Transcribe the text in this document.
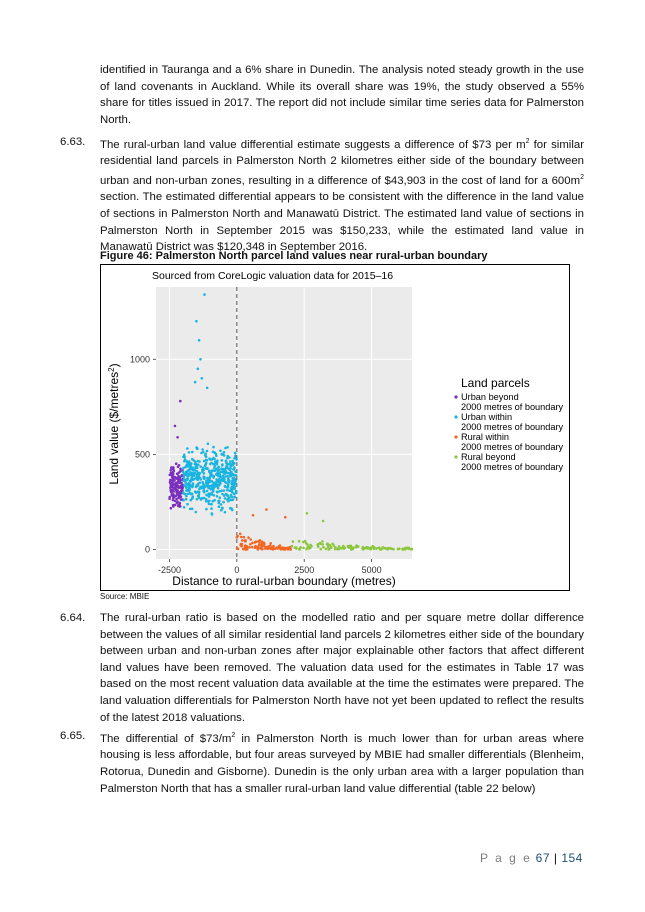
identified in Tauranga and a 6% share in Dunedin. The analysis noted steady growth in the use of land covenants in Auckland. While its overall share was 19%, the study observed a 55% share for titles issued in 2017. The report did not include similar time series data for Palmerston North.

6.63. The rural-urban land value differential estimate suggests a difference of $73 per $m^2$ for similar residential land parcels in Palmerston North 2 kilometres either side of the boundary between urban and non-urban zones, resulting in a difference of $43,903 in the cost of land for a $600m^2$ section. The estimated differential appears to be consistent with the difference in the land value of sections in Palmerston North and Manawatū District. The estimated land value of sections in Palmerston North in September 2015 was $150,233, while the estimated land value in Manawatū District was $120,348 in September 2016.

Figure 46: Palmerston North parcel land values near rural-urban boundary
-2500	0	2500	5000
0
500
1000
Sourced from CoreLogic valuation data for 2015–16
Distance to rural-urban boundary (metres)
Land value ($/metres$^2$)
Land parcels
Urban beyond
2000 metres of boundary
Urban within
2000 metres of boundary
Rural within
2000 metres of boundary
Rural beyond
2000 metres of boundary
Source: MBIE
6.64. The rural-urban ratio is based on the modelled ratio and per square metre dollar difference between the values of all similar residential land parcels 2 kilometres either side of the boundary between urban and non-urban zones after major explainable other factors that affect different land values have been removed. The valuation data used for the estimates in Table 17 was based on the most recent valuation data available at the time the estimates were prepared. The land valuation differentials for Palmerston North have not yet been updated to reflect the results of the latest 2018 valuations.

6.65. The differential of $\$73/m^2$ in Palmerston North is much lower than for urban areas where housing is less affordable, but four areas surveyed by MBIE had smaller differentials (Blenheim, Rotorua, Dunedin and Gisborne). Dunedin is the only urban area with a larger population than Palmerston North that has a smaller rural-urban land value differential (table 22 below)

P a g e 67 | 154
